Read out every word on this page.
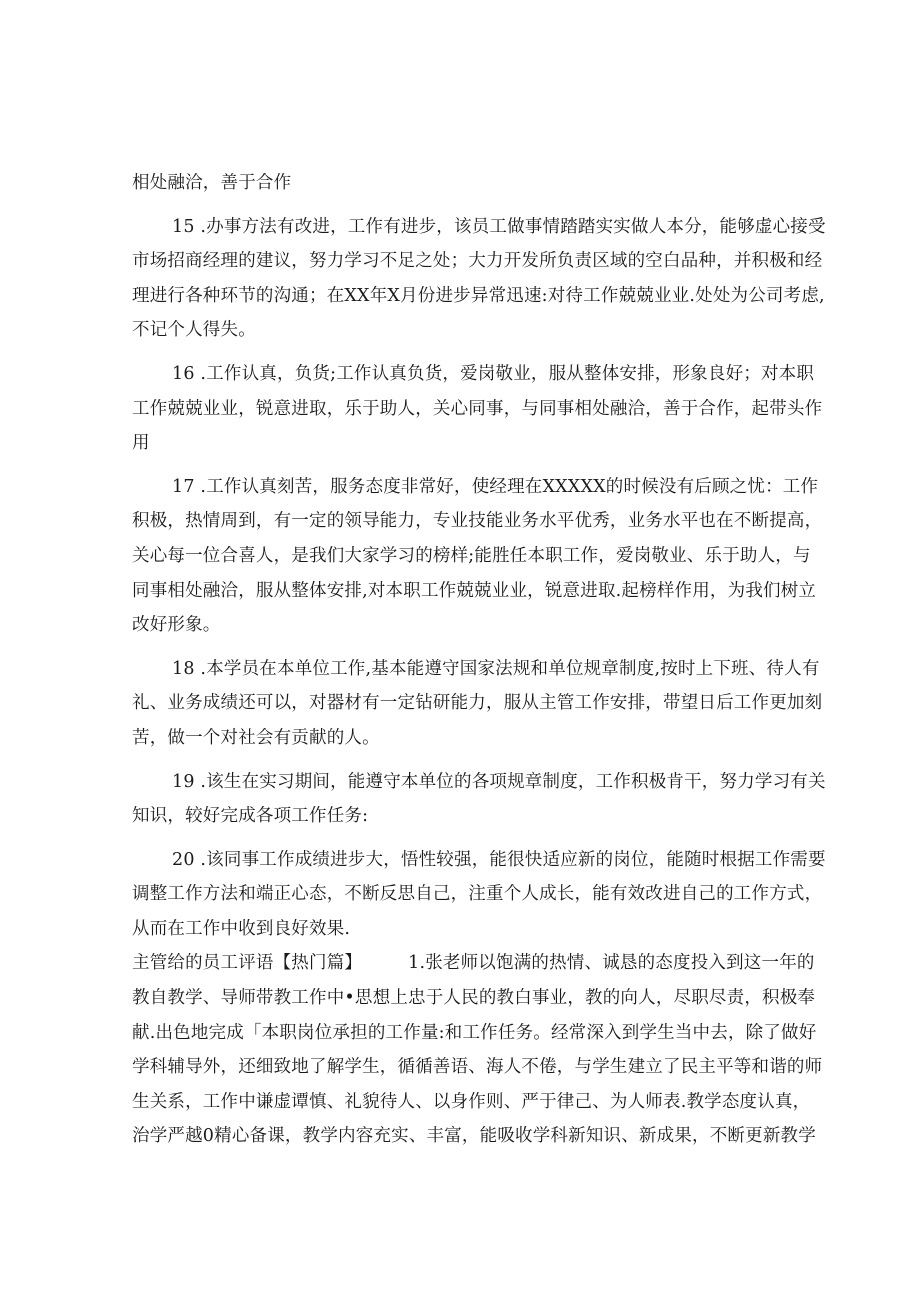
相处融洽，善于合作
15 .办事方法有改进，工作有进步，该员工做事情踏踏实实做人本分，能够虚心接受
市场招商经理的建议，努力学习不足之处；大力开发所负责区域的空白品种，并积极和经
理进行各种环节的沟通；在XX年X月份进步异常迅速:对待工作兢兢业业.处处为公司考虑,
不记个人得失。
16 .工作认真，负货;工作认真负货，爱岗敬业，服从整体安排，形象良好；对本职
工作兢兢业业，锐意进取，乐于助人，关心同事，与同事相处融洽，善于合作，起带头作
用
17 .工作认真刻苦，服务态度非常好，使经理在XXXXX的时候没有后顾之忧：工作
积极，热情周到，有一定的领导能力，专业技能业务水平优秀，业务水平也在不断提高，
关心每一位合喜人，是我们大家学习的榜样;能胜任本职工作，爱岗敬业、乐于助人，与
同事相处融洽，服从整体安排,对本职工作兢兢业业，锐意进取.起榜样作用，为我们树立
改好形象。
18 .本学员在本单位工作,基本能遵守国家法规和单位规章制度,按时上下班、待人有
礼、业务成绩还可以，对器材有一定钻研能力，服从主管工作安排，带望日后工作更加刻
苦，做一个对社会有贡献的人。
19 .该生在实习期间，能遵守本单位的各项规章制度，工作积极肯干，努力学习有关
知识，较好完成各项工作任务:
20 .该同事工作成绩进步大，悟性较强，能很快适应新的岗位，能随时根据工作需要
调整工作方法和端正心态，不断反思自己，注重个人成长，能有效改进自己的工作方式，
从而在工作中收到良好效果.
主管给的员工评语【热门篇】	1.张老师以饱满的热情、诚恳的态度投入到这一年的
教自教学、导师带教工作中•思想上忠于人民的教白事业，教的向人，尽职尽责，积极奉
献.出色地完成「本职岗位承担的工作量:和工作任务。经常深入到学生当中去，除了做好
学科辅导外，还细致地了解学生，循循善语、海人不倦，与学生建立了民主平等和谐的师
生关系，工作中谦虚谭慎、礼貌待人、以身作则、严于律己、为人师表.教学态度认真，
治学严越0精心备课，教学内容充实、丰富，能吸收学科新知识、新成果，不断更新教学
